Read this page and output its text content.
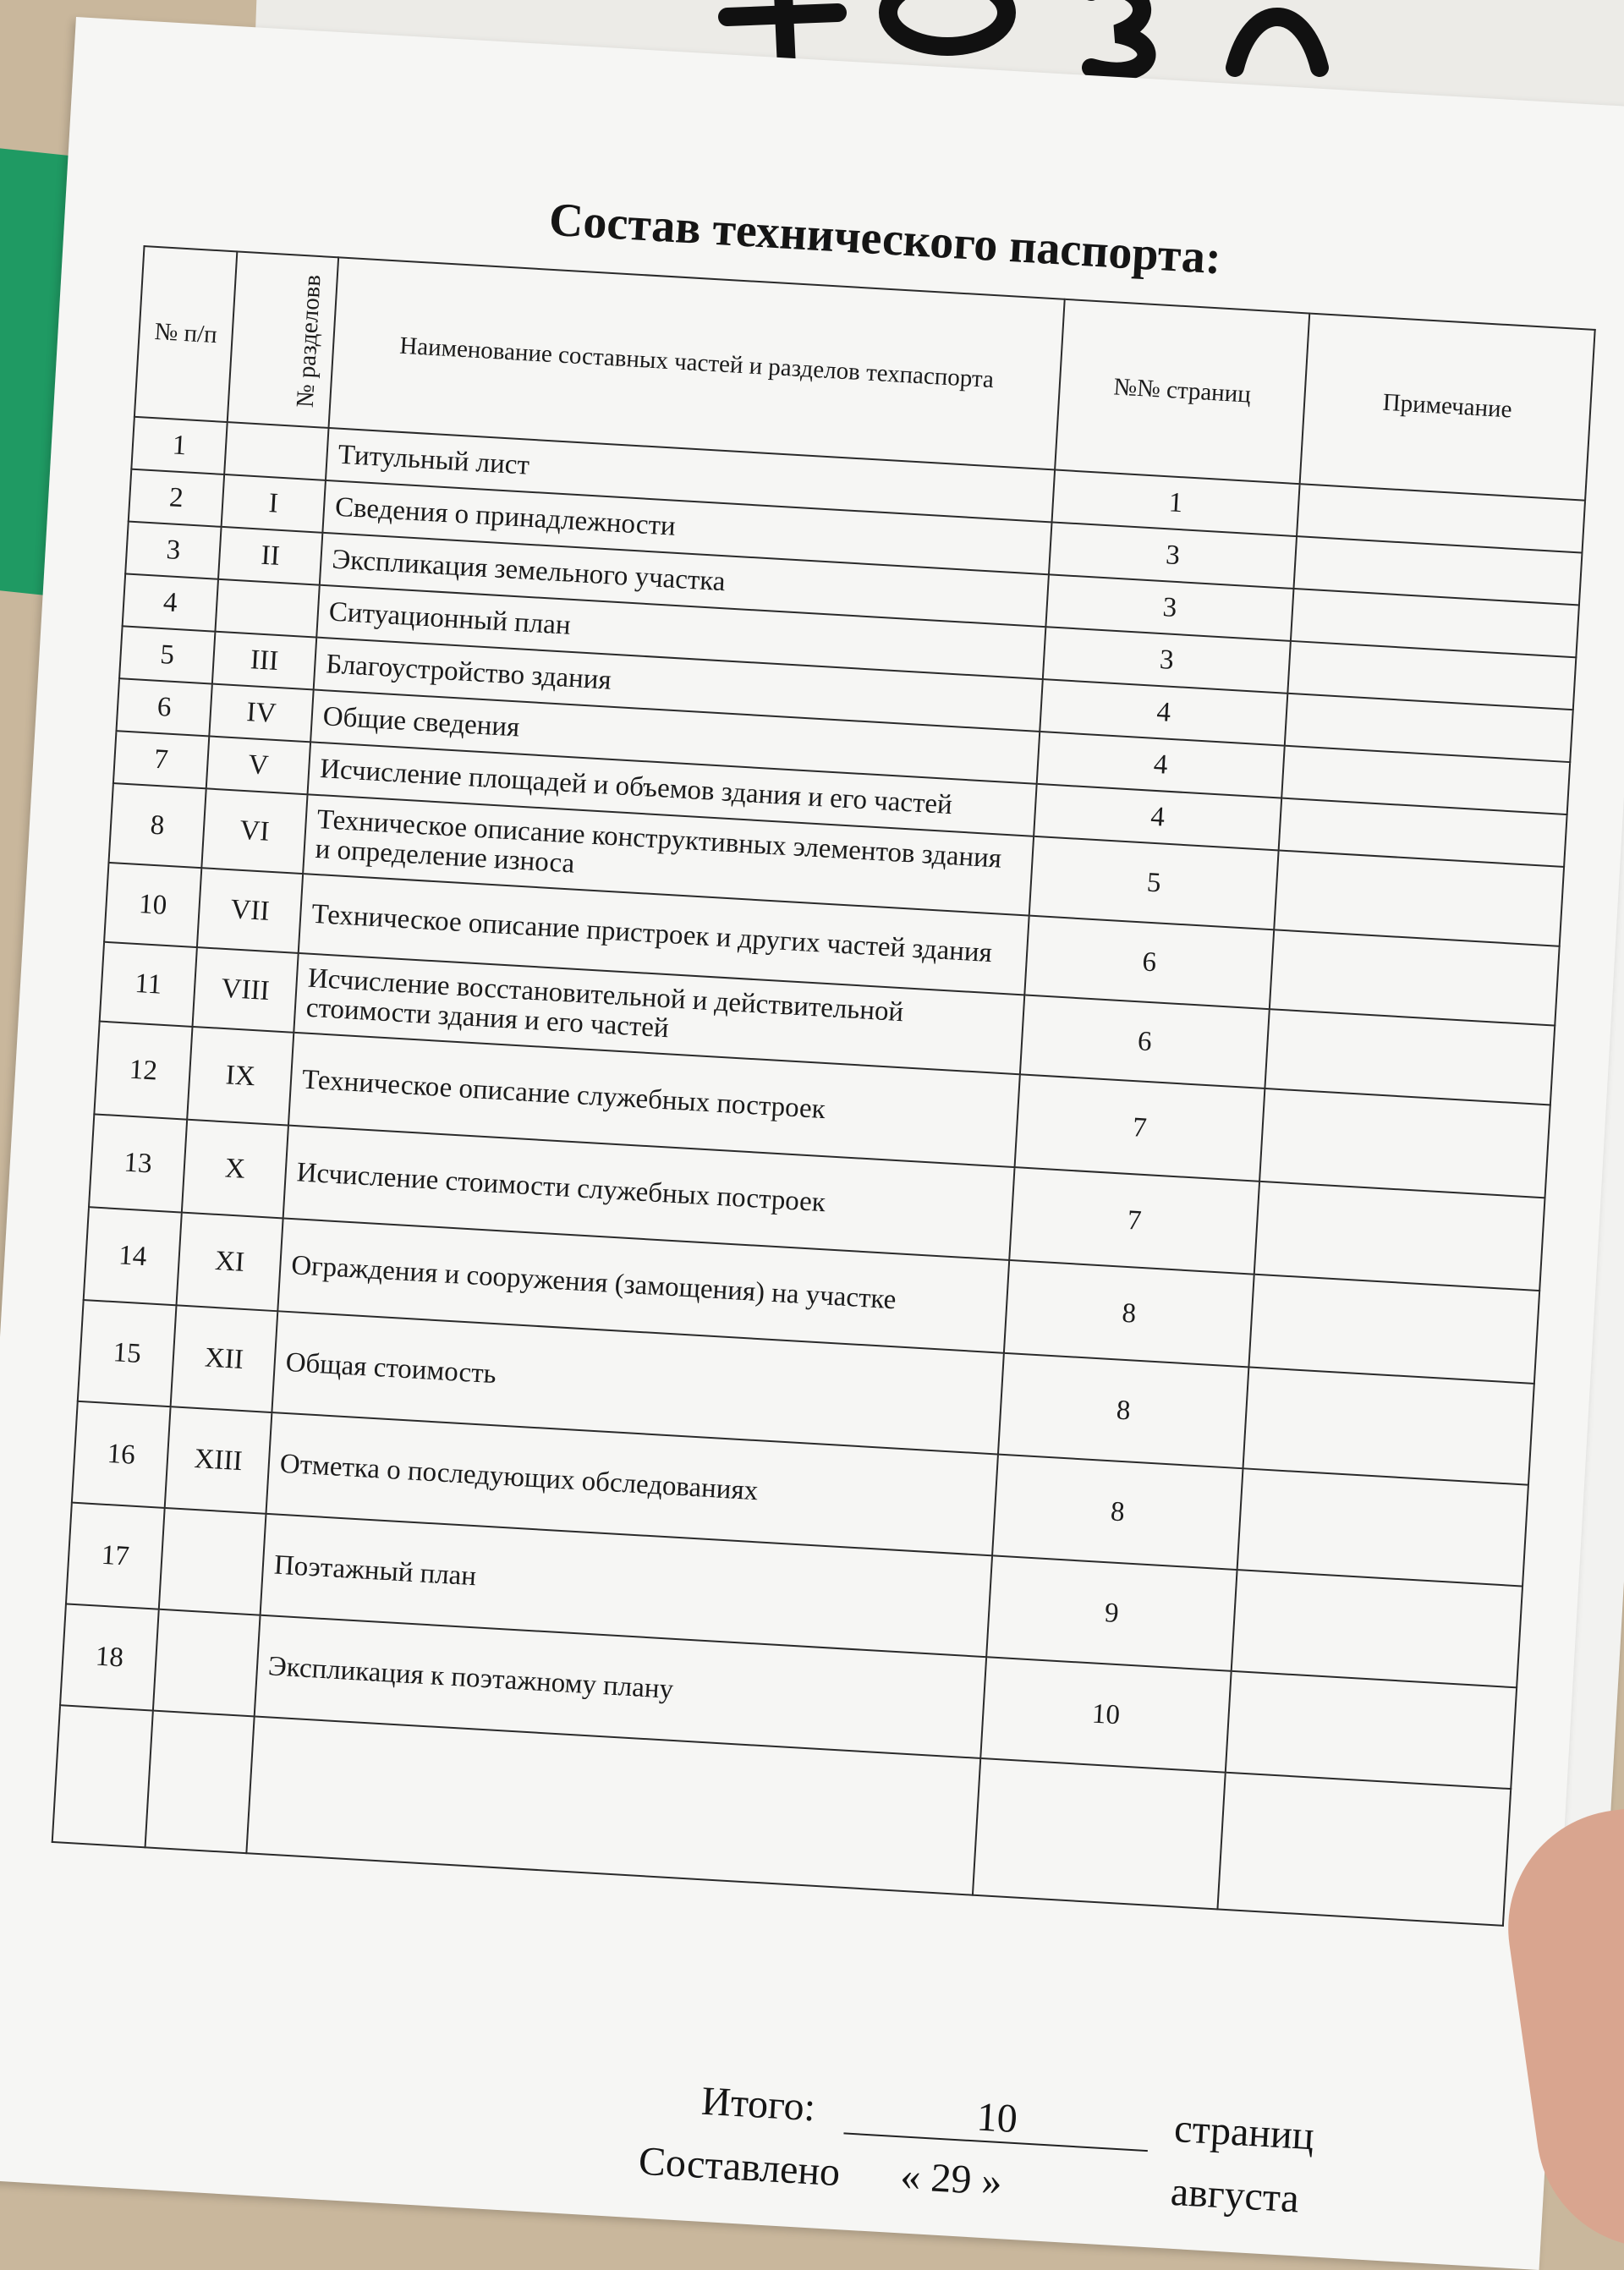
Состав технического паспорта:
№ п/п	№ разделовв	Наименование составных частей и разделов техпаспорта	№№ страниц	Примечание
1		Титульный лист	1	
2	I	Сведения о принадлежности	3	
3	II	Экспликация земельного участка	3	
4		Ситуационный план	3	
5	III	Благоустройство здания	4	
6	IV	Общие сведения	4	
7	V	Исчисление площадей и объемов здания и его частей	4	
8	VI	Техническое описание конструктивных элементов здания и определение износа	5	
10	VII	Техническое описание пристроек и других частей здания	6	
11	VIII	Исчисление восстановительной и действительной стоимости здания и его частей	6	
12	IX	Техническое описание служебных построек	7	
13	X	Исчисление стоимости служебных построек	7	
14	XI	Ограждения и сооружения (замощения) на участке	8	
15	XII	Общая стоимость	8	
16	XIII	Отметка о последующих обследованиях	8	
17		Поэтажный план	9	
18		Экспликация к поэтажному плану	10	

Итого:	10	страниц
Составлено « 29 »	августа
